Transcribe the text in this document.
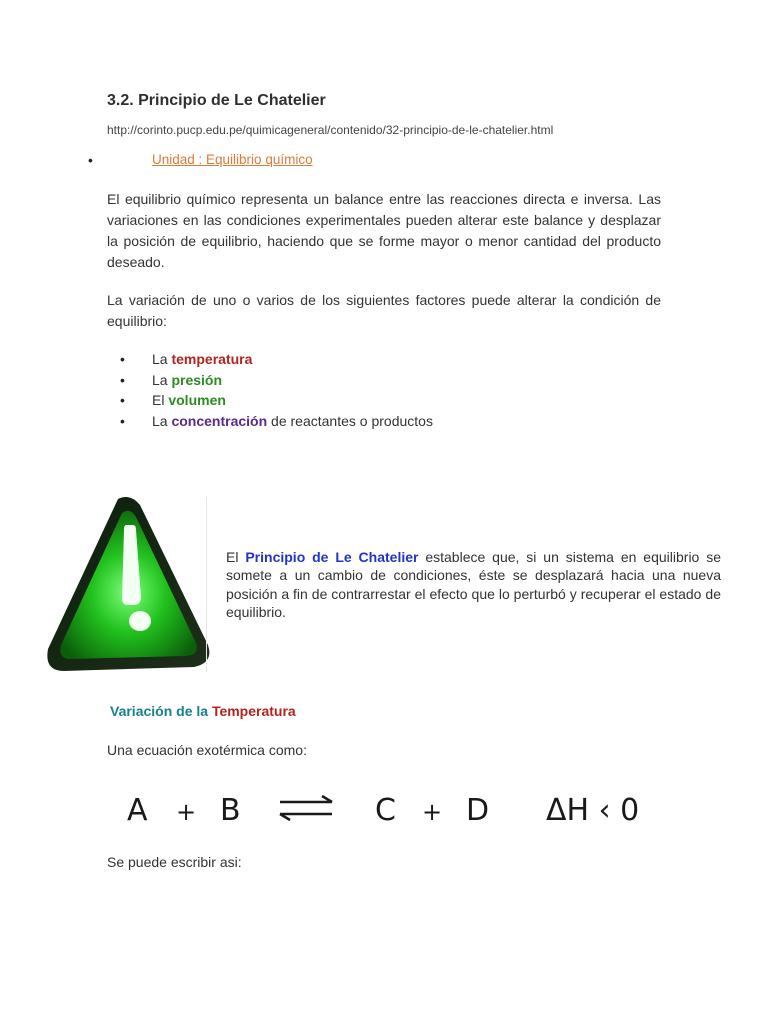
3.2. Principio de Le Chatelier
http://corinto.pucp.edu.pe/quimicageneral/contenido/32-principio-de-le-chatelier.html
•	Unidad : Equilibrio químico

El equilibrio químico representa un balance entre las reacciones directa e inversa. Las variaciones en las condiciones experimentales pueden alterar este balance y desplazar la posición de equilibrio, haciendo que se forme mayor o menor cantidad del producto deseado.

La variación de uno o varios de los siguientes factores puede alterar la condición de equilibrio:

• La temperatura
• La presión
• El volumen
• La concentración de reactantes o productos

El Principio de Le Chatelier establece que, si un sistema en equilibrio se somete a un cambio de condiciones, éste se desplazará hacia una nueva posición a fin de contrarrestar el efecto que lo perturbó y recuperar el estado de equilibrio.

Variación de la Temperatura
Una ecuación exotérmica como:
A + B	C + D ΔH ‹ 0
Se puede escribir asi:
